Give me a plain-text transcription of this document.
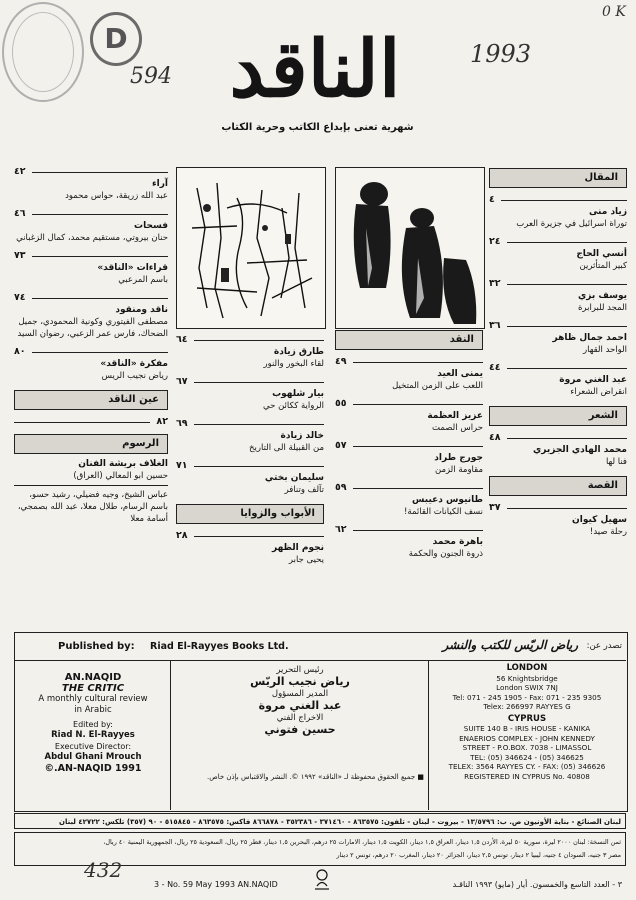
D
594
0 K
1993
الناقد
شهرية تعنى بإبداع الكاتب وحرية الكتاب
المقال
٤
زياد منى
توراة اسرائيل في جزيرة العرب
٢٤
أنسي الحاج
كبير المتأثرين
٣٢
يوسف بزي
المجد للبرابرة
٣٦
احمد جمال ظاهر
الواحد القهار
٤٤
عبد الغني مروة
انقراض الشعراء
الشعر
٤٨
محمد الهادي الجزيري
فنا لها
القصة
٣٧
سهيل كيوان
رحلة صيد!
النقد
٤٩
يمنى العيد
اللعب على الزمن المتخيل
٥٥
عزيز العظمة
حراس الصمت
٥٧
جورج طراد
مقاومة الزمن
٥٩
طانيوس دعيبس
نسف الكيانات القائمة!
٦٢
باهرة محمد
ذروة الجنون والحكمة
٦٤
طارق زيادة
لقاء البخور والنور
٦٧
بيار شلهوب
الرواية ككائن حي
٦٩
خالد زيادة
من القبيلة الى التاريخ
٧١
سليمان بختي
تآلف وتنافر
الأبواب والزوايا
٢٨
نجوم الظهر
يحيى جابر
٤٢
آراء
عبد الله زريقة، حواس محمود
٤٦
فسحات
حنان بيروتي، مستقيم محمد، كمال الزغباني
٧٣
قراءات «الناقد»
باسم المرعبي
٧٤
ناقد ومنقود
مصطفى الفيتوري وكونية المحمودي، جميل الضحاك، فارس عمر الزعبي، رضوان السيد
٨٠
مفكرة «الناقد»
رياض نجيب الريس
عين الناقد
٨٢
الرسوم
الغلاف بريشة الفنان
حسين ابو المعالي (العراق)
عباس الشيخ، وجيه فضيلي، رشيد حسو، باسم الرسام، طلال معلا، عبد الله بصمجي، أسامة معلا
Published by: Riad El-Rayyes Books Ltd.	رياض الريّس للكتب والنشر	تصدر عن:
AN.NAQID
THE CRITIC
A monthly cultural review
in Arabic
Edited by:
Riad N. El-Rayyes
Executive Director:
Abdul Ghani Mrouch
©.AN-NAQID 1991
رئيس التحرير
رياض نجيب الريّس
المدير المسؤول
عبد الغني مروة
الاخراج الفني
حسين فتوني
■ جميع الحقوق محفوظة لـ «الناقد» ١٩٩٢ ©. النشر والاقتباس بإذن خاص.
LONDON
56 Knightsbridge
London SWIX 7NJ
Tel: 071 - 245 1905 - Fax: 071 - 235 9305
Telex: 266997 RAYYES G
CYPRUS
SUITE 140 B - IRIS HOUSE - KANIKA
ENAERIOS COMPLEX - JOHN KENNEDY
STREET - P.O.BOX. 7038 - LIMASSOL
TEL: (05) 346624 - (05) 346625
TELEX: 3564 RAYYES CY. - FAX: (05) 346626
REGISTERED IN CYPRUS No. 40808
لبنان الصنائع - بناية الأونيون ص. ب: ١٣/٥٧٩٦ - بيروت - لبنان - تلفون: ٨٦٣٥٧٥ - ٣٧١٤٦٠ - ٣٥٢٣٨٦ - ٨٦٦٨٧٨ فاكس: ٨٦٣٥٧٥ - ٥١٥٨٤٥ - ٩٠ (٣٥٧) تلكس: ٤٢٧٢٢ لبنان
ثمن النسخة: لبنان ٢٠٠٠ ليرة، سورية ٥٠ ليرة، الأردن ١,٥ دينار، العراق ١,٥ دينار، الكويت ١,٥ دينار، الامارات ٢٥ درهم، البحرين ١,٥ دينار، قطر ٢٥ ريال، السعودية ٢٥ ريال، الجمهورية اليمنية ٤٠ ريال،
مصر ٣ جنيه، السودان ٤ جنيه، ليبيا ٢ دينار، تونس ٢,٥ دينار، الجزائر ٢٠ دينار، المغرب ٢٠ درهم، تونس ٢ دينار
432
3 - No. 59 May 1993 AN.NAQID	٣ - العدد التاسع والخمسون. أيار (مايو) ١٩٩٣ الناقـد
